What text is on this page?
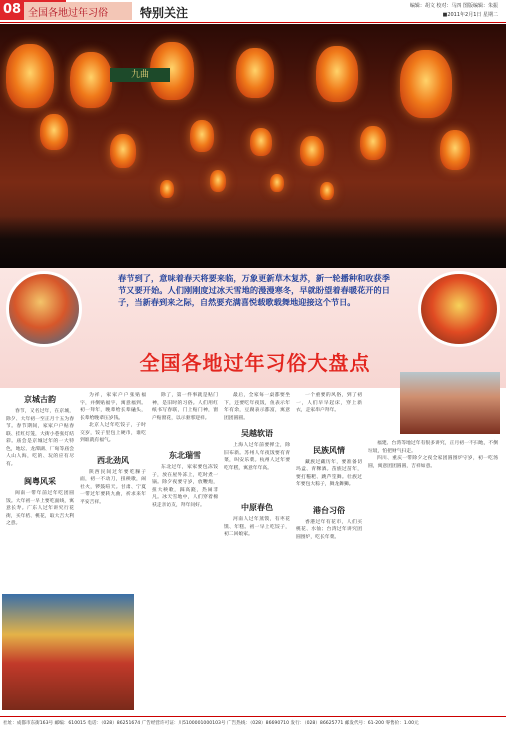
08 全国各地过年习俗	特别关注	编辑：胡文 校对：马四 图版编辑：朱振
■2011年2月1日 星期二
九曲
春节到了，意味着春天将要来临，万象更新草木复苏，新一轮播种和收获季节又要开始。人们刚刚度过冰天雪地的漫漫寒冬，早就盼望着春暖花开的日子，当新春到来之际，自然要充满喜悦载歌载舞地迎接这个节日。
全国各地过年习俗大盘点
京城古韵
春节，又名过年，在京城，除夕、大年初一至正月十五为春节。春节期间，家家户户贴春联、挂红灯笼，大街小巷张灯结彩。庙会是京城过年的一大特色，地坛、龙潭湖、厂甸等庙会人山人海，吃的、玩的应有尽有。
闽粤风采
闽南一带年前过年吃团圆饭。大年初一早上要吃面线，寓意长寿。广东人过年讲究行花街，买年桔、桃花，取大吉大利之意。
为祥，家家户户张贴福字，并倒贴福字，寓意福到。初一拜年，晚辈给长辈磕头，长辈给晚辈压岁钱。
北京人过年吃饺子，子时交岁，饺子里包上硬币，谁吃到谁就有福气。
西北劲风
陕西民间过年要吃臊子面，初一不动刀，扭秧歌，闹社火，锣鼓喧天。甘肃、宁夏一带过年要转九曲，祈求来年平安吉祥。
除了，第一件事就是贴门神，是旧时的习俗。人们用红纸书写春联，门上贴门神，窗户贴窗花，以示驱邪迎祥。
东北瑞雪
东北过年，家家要包冻饺子，放在屋外冻上，吃时煮一锅。除夕夜要守岁，放鞭炮，扭大秧歌，踩高跷，热闹非凡。冰天雪地中，人们穿着棉袄走亲访友，拜年问好。
最后，全家每一桌都要坐下，还要吃年夜饭，鱼表示年年有余，豆腐表示都富，寓意团团圆圆。
吴越软语
上海人过年前要掸尘，除旧布新。苏州人年夜饭要有青菜，叫安乐菜。杭州人过年要吃年糕，寓意年年高。
中原春色
河南人过年蒸馍，有枣花馍、年糕。初一早上吃饺子，初二回娘家。
一个重要的风俗，到了初一，人们早早起床，穿上新衣，走家串户拜年。
民族风情
藏族过藏历年，要准备切玛盒、青稞酒。苗族过苗年，要打糍粑、跳芦笙舞。壮族过年要包大粽子，舞龙舞狮。
港台习俗
香港过年有花市，人们买桃花、水仙；台湾过年讲究团圆围炉，吃长年菜。
福建、台湾等地过年有很多讲究，正月初一不扫地，不倒垃圾，怕把财气扫走。
四川、重庆一带除夕之夜全家团圆围炉守岁，初一吃汤圆，寓意团团圆圆，吉祥如意。
社址：成都市东街163号 邮编：610015 电话：（028）86251674 广告经营许可证：川5100001000103号 广告热线：（028）86690710 发行：（028）86625771 邮发代号：61-200 零售价：1.00元
